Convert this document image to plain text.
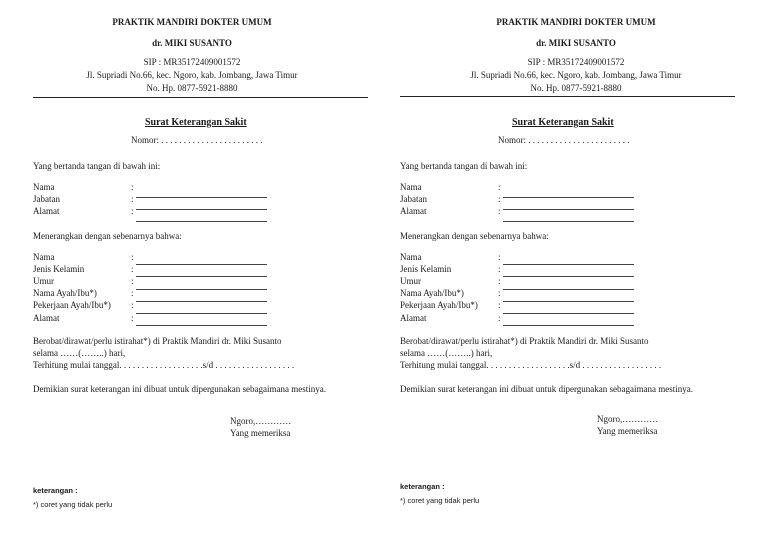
PRAKTIK MANDIRI DOKTER UMUM
dr. MIKI SUSANTO
SIP : MR35172409001572
Jl. Supriadi No.66, kec. Ngoro, kab. Jombang, Jawa Timur
No. Hp. 0877-5921-8880
Surat Keterangan Sakit
Nomor: . . . . . . . . . . . . . . . . . . . . . . .
Yang bertanda tangan di bawah ini:
Nama	:
Jabatan	:
Alamat	:
Menerangkan dengan sebenarnya bahwa:
Nama	:
Jenis Kelamin	:
Umur	:
Nama Ayah/Ibu*)	:
Pekerjaan Ayah/Ibu*) :
Alamat	:
Berobat/dirawat/perlu istirahat*) di Praktik Mandiri dr. Miki Susanto
selama ……(……..) hari,
Terhitung mulai tanggal. . . . . . . . . . . . . . . . . . .s/d . . . . . . . . . . . . . . . . . .
Demikian surat keterangan ini dibuat untuk dipergunakan sebagaimana mestinya.
Ngoro,…………
Yang memeriksa
keterangan :
*) coret yang tidak perlu
PRAKTIK MANDIRI DOKTER UMUM
dr. MIKI SUSANTO
SIP : MR35172409001572
Jl. Supriadi No.66, kec. Ngoro, kab. Jombang, Jawa Timur
No. Hp. 0877-5921-8880
Surat Keterangan Sakit
Nomor: . . . . . . . . . . . . . . . . . . . . . . .
Yang bertanda tangan di bawah ini:
Nama	:
Jabatan	:
Alamat	:
Menerangkan dengan sebenarnya bahwa:
Nama	:
Jenis Kelamin	:
Umur	:
Nama Ayah/Ibu*)	:
Pekerjaan Ayah/Ibu*) :
Alamat	:
Berobat/dirawat/perlu istirahat*) di Praktik Mandiri dr. Miki Susanto
selama ……(……..) hari,
Terhitung mulai tanggal. . . . . . . . . . . . . . . . . . .s/d . . . . . . . . . . . . . . . . . .
Demikian surat keterangan ini dibuat untuk dipergunakan sebagaimana mestinya.
Ngoro,…………
Yang memeriksa
keterangan :
*) coret yang tidak perlu
